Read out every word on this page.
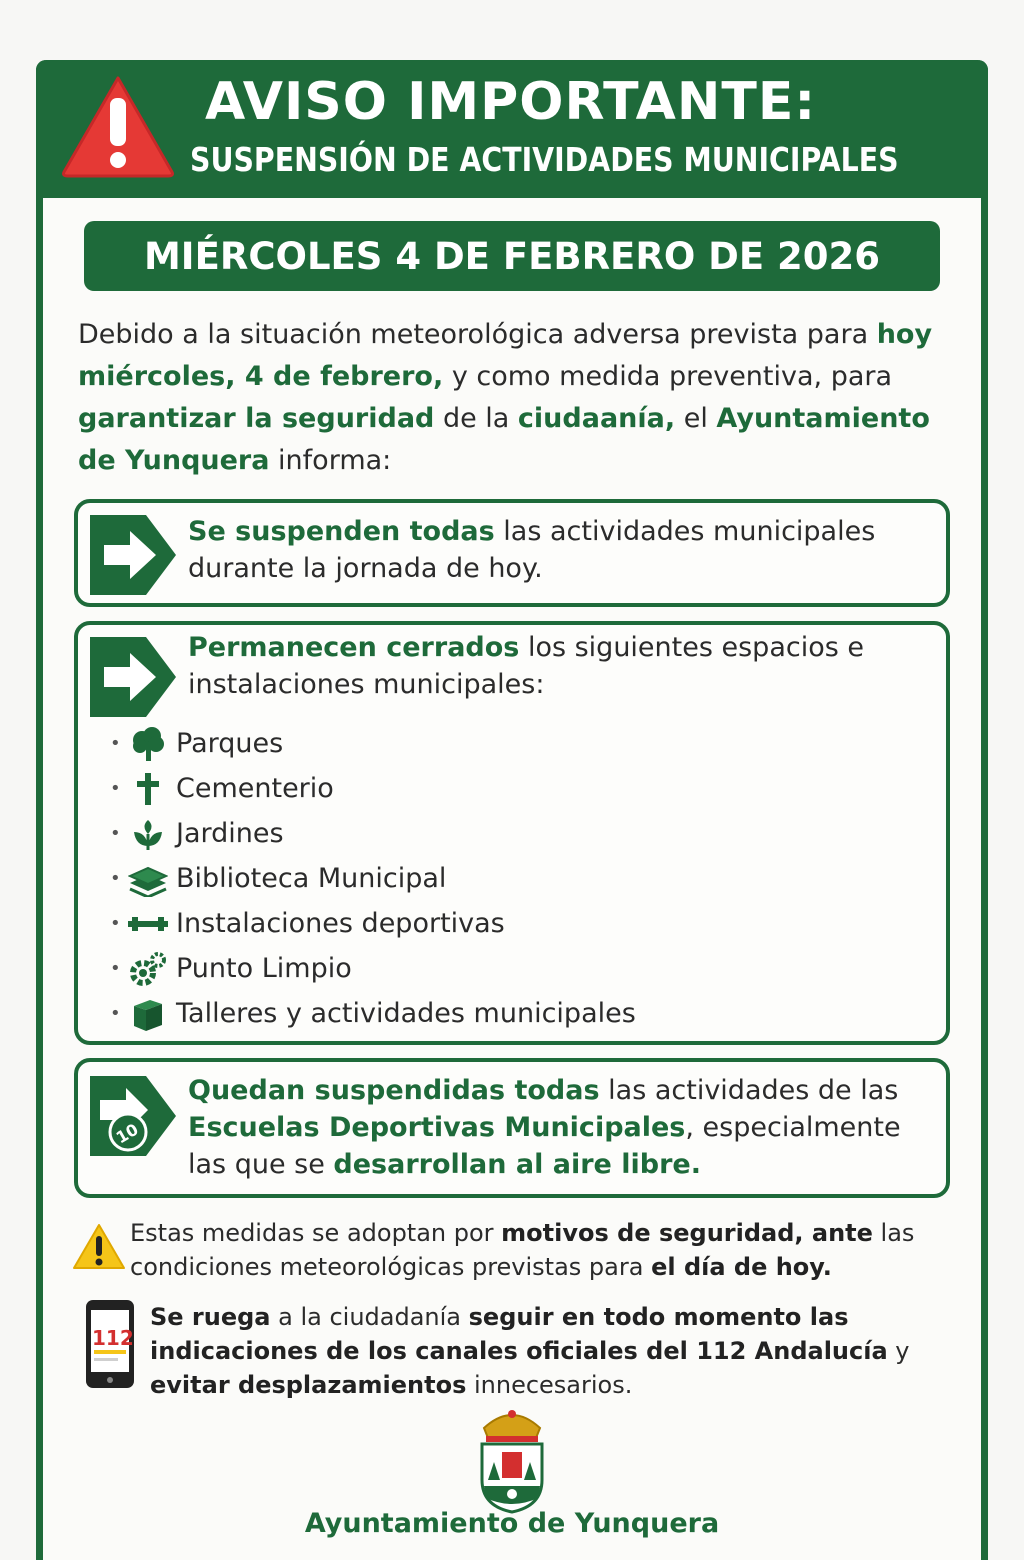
AVISO IMPORTANTE:
SUSPENSIÓN DE ACTIVIDADES MUNICIPALES
MIÉRCOLES 4 DE FEBRERO DE 2026
Debido a la situación meteorológica adversa prevista para hoy miércoles, 4 de febrero, y como medida preventiva, para garantizar la seguridad de la ciudaanía, el Ayuntamiento de Yunquera informa:
Se suspenden todas las actividades municipales durante la jornada de hoy.
Permanecen cerrados los siguientes espacios e instalaciones municipales:
• Parques
• Cementerio
• Jardines
• Biblioteca Municipal
• Instalaciones deportivas
• Punto Limpio
• Talleres y actividades municipales
10
Quedan suspendidas todas las actividades de las Escuelas Deportivas Municipales, especialmente las que se desarrollan al aire libre.
Estas medidas se adoptan por motivos de seguridad, ante las condiciones meteorológicas previstas para el día de hoy.
112
Se ruega a la ciudadanía seguir en todo momento las indicaciones de los canales oficiales del 112 Andalucía y evitar desplazamientos innecesarios.
Ayuntamiento de Yunquera
